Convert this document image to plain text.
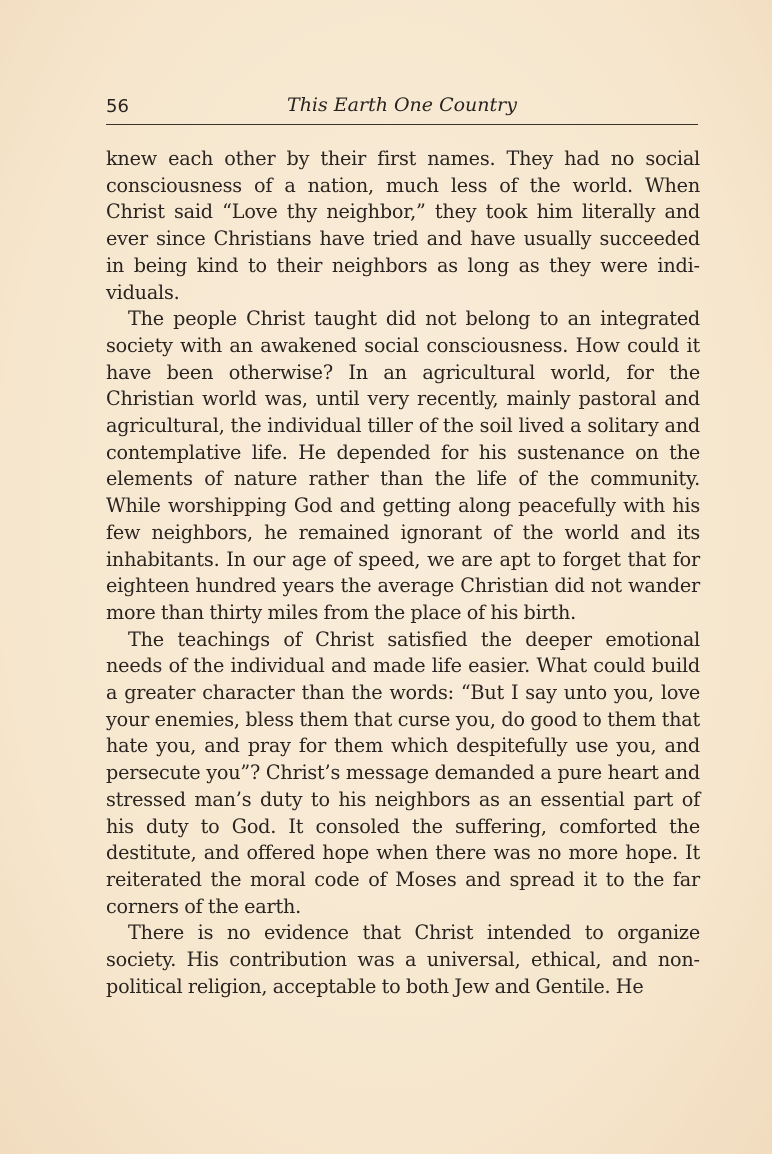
56	This Earth One Country

knew each other by their first names. They had no social consciousness of a nation, much less of the world. When Christ said “Love thy neighbor,” they took him literally and ever since Christians have tried and have usually succeeded in being kind to their neighbors as long as they were individuals.

The people Christ taught did not belong to an integrated society with an awakened social consciousness. How could it have been otherwise? In an agricultural world, for the Christian world was, until very recently, mainly pastoral and agricultural, the individual tiller of the soil lived a solitary and contemplative life. He depended for his sustenance on the elements of nature rather than the life of the community. While worshipping God and getting along peacefully with his few neighbors, he remained ignorant of the world and its inhabitants. In our age of speed, we are apt to forget that for eighteen hundred years the average Christian did not wander more than thirty miles from the place of his birth.

The teachings of Christ satisfied the deeper emotional needs of the individual and made life easier. What could build a greater character than the words: “But I say unto you, love your enemies, bless them that curse you, do good to them that hate you, and pray for them which despitefully use you, and persecute you”? Christ’s message demanded a pure heart and stressed man’s duty to his neighbors as an essential part of his duty to God. It consoled the suffering, comforted the destitute, and offered hope when there was no more hope. It reiterated the moral code of Moses and spread it to the far corners of the earth.

There is no evidence that Christ intended to organize society. His contribution was a universal, ethical, and nonpolitical religion, acceptable to both Jew and Gentile. He
